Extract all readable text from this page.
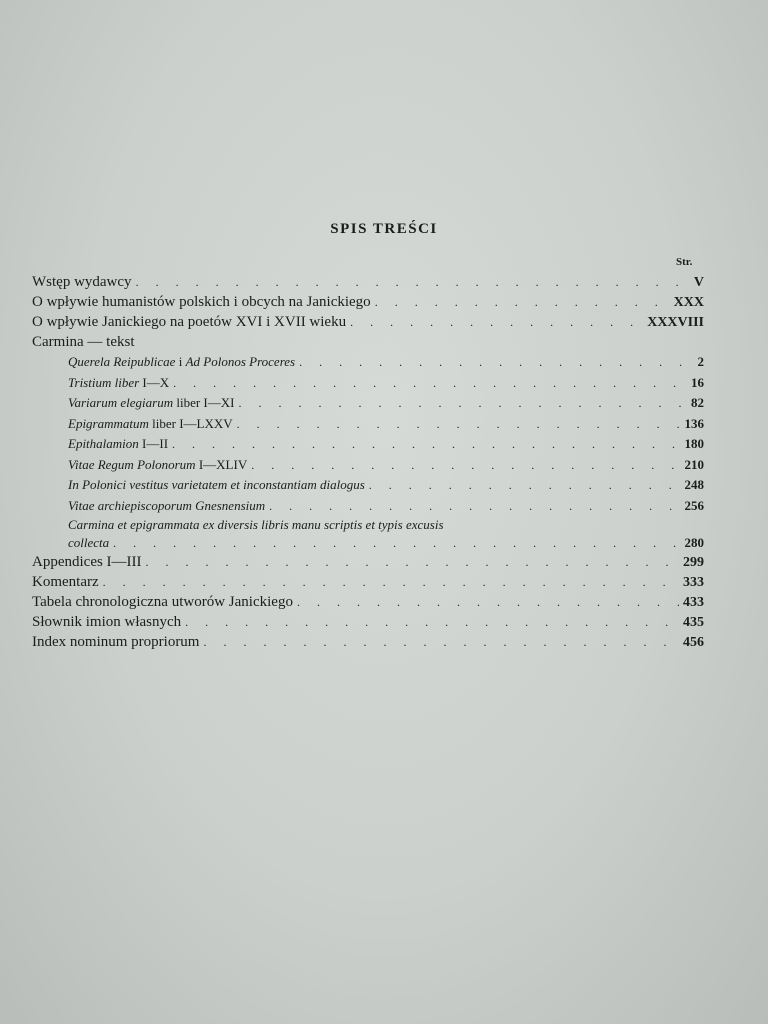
SPIS TREŚCI
Str.
Wstęp wydawcy . . .	V
O wpływie humanistów polskich i obcych na Janickiego . . .	XXX
O wpływie Janickiego na poetów XVI i XVII wieku . . .	XXXVIII
Carmina — tekst
Querela Reipublicae i Ad Polonos Proceres . . .	2
Tristium liber I—X . . .	16
Variarum elegiarum liber I—XI . . .	82
Epigrammatum liber I—LXXV . . .	136
Epithalamion I—II . . .	180
Vitae Regum Polonorum I—XLIV . . .	210
In Polonici vestitus varietatem et inconstantiam dialogus . . .	248
Vitae archiepiscoporum Gnesnensium . . .	256
Carmina et epigrammata ex diversis libris manu scriptis et typis excusis
collecta . . .	280
Appendices I—III . . .	299
Komentarz . . .	333
Tabela chronologiczna utworów Janickiego . . .	433
Słownik imion własnych . . .	435
Index nominum propriorum . . .	456
